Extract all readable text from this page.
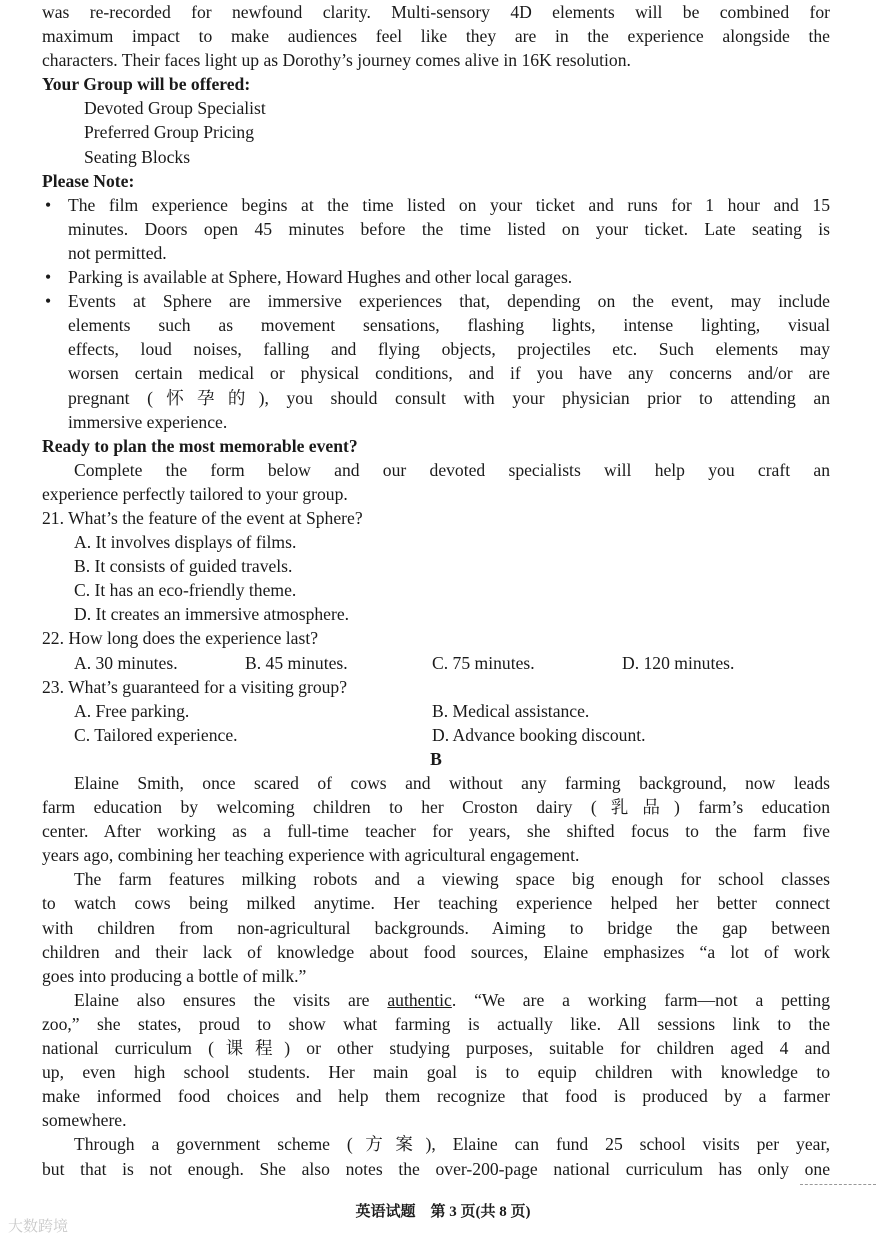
was re-recorded for newfound clarity. Multi-sensory 4D elements will be combined for
maximum impact to make audiences feel like they are in the experience alongside the
characters. Their faces light up as Dorothy’s journey comes alive in 16K resolution.
Your Group will be offered:
Devoted Group Specialist
Preferred Group Pricing
Seating Blocks
Please Note:
• The film experience begins at the time listed on your ticket and runs for 1 hour and 15
minutes. Doors open 45 minutes before the time listed on your ticket. Late seating is
not permitted.
• Parking is available at Sphere, Howard Hughes and other local garages.
• Events at Sphere are immersive experiences that, depending on the event, may include
elements such as movement sensations, flashing lights, intense lighting, visual
effects, loud noises, falling and flying objects, projectiles etc. Such elements may
worsen certain medical or physical conditions, and if you have any concerns and/or are
pregnant (怀孕的), you should consult with your physician prior to attending an
immersive experience.
Ready to plan the most memorable event?
Complete the form below and our devoted specialists will help you craft an
experience perfectly tailored to your group.
21. What’s the feature of the event at Sphere?
A. It involves displays of films.
B. It consists of guided travels.
C. It has an eco-friendly theme.
D. It creates an immersive atmosphere.
22. How long does the experience last?
A. 30 minutes.	B. 45 minutes.	C. 75 minutes.	D. 120 minutes.
23. What’s guaranteed for a visiting group?
A. Free parking.	B. Medical assistance.
C. Tailored experience.	D. Advance booking discount.
B
Elaine Smith, once scared of cows and without any farming background, now leads
farm education by welcoming children to her Croston dairy (乳品) farm’s education
center. After working as a full-time teacher for years, she shifted focus to the farm five
years ago, combining her teaching experience with agricultural engagement.
The farm features milking robots and a viewing space big enough for school classes
to watch cows being milked anytime. Her teaching experience helped her better connect
with children from non-agricultural backgrounds. Aiming to bridge the gap between
children and their lack of knowledge about food sources, Elaine emphasizes “a lot of work
goes into producing a bottle of milk.”
Elaine also ensures the visits are authentic. “We are a working farm—not a petting
zoo,” she states, proud to show what farming is actually like. All sessions link to the
national curriculum (课程) or other studying purposes, suitable for children aged 4 and
up, even high school students. Her main goal is to equip children with knowledge to
make informed food choices and help them recognize that food is produced by a farmer
somewhere.
Through a government scheme (方案), Elaine can fund 25 school visits per year,
but that is not enough. She also notes the over-200-page national curriculum has only one
英语试题　第 3 页(共 8 页)
大数跨境
